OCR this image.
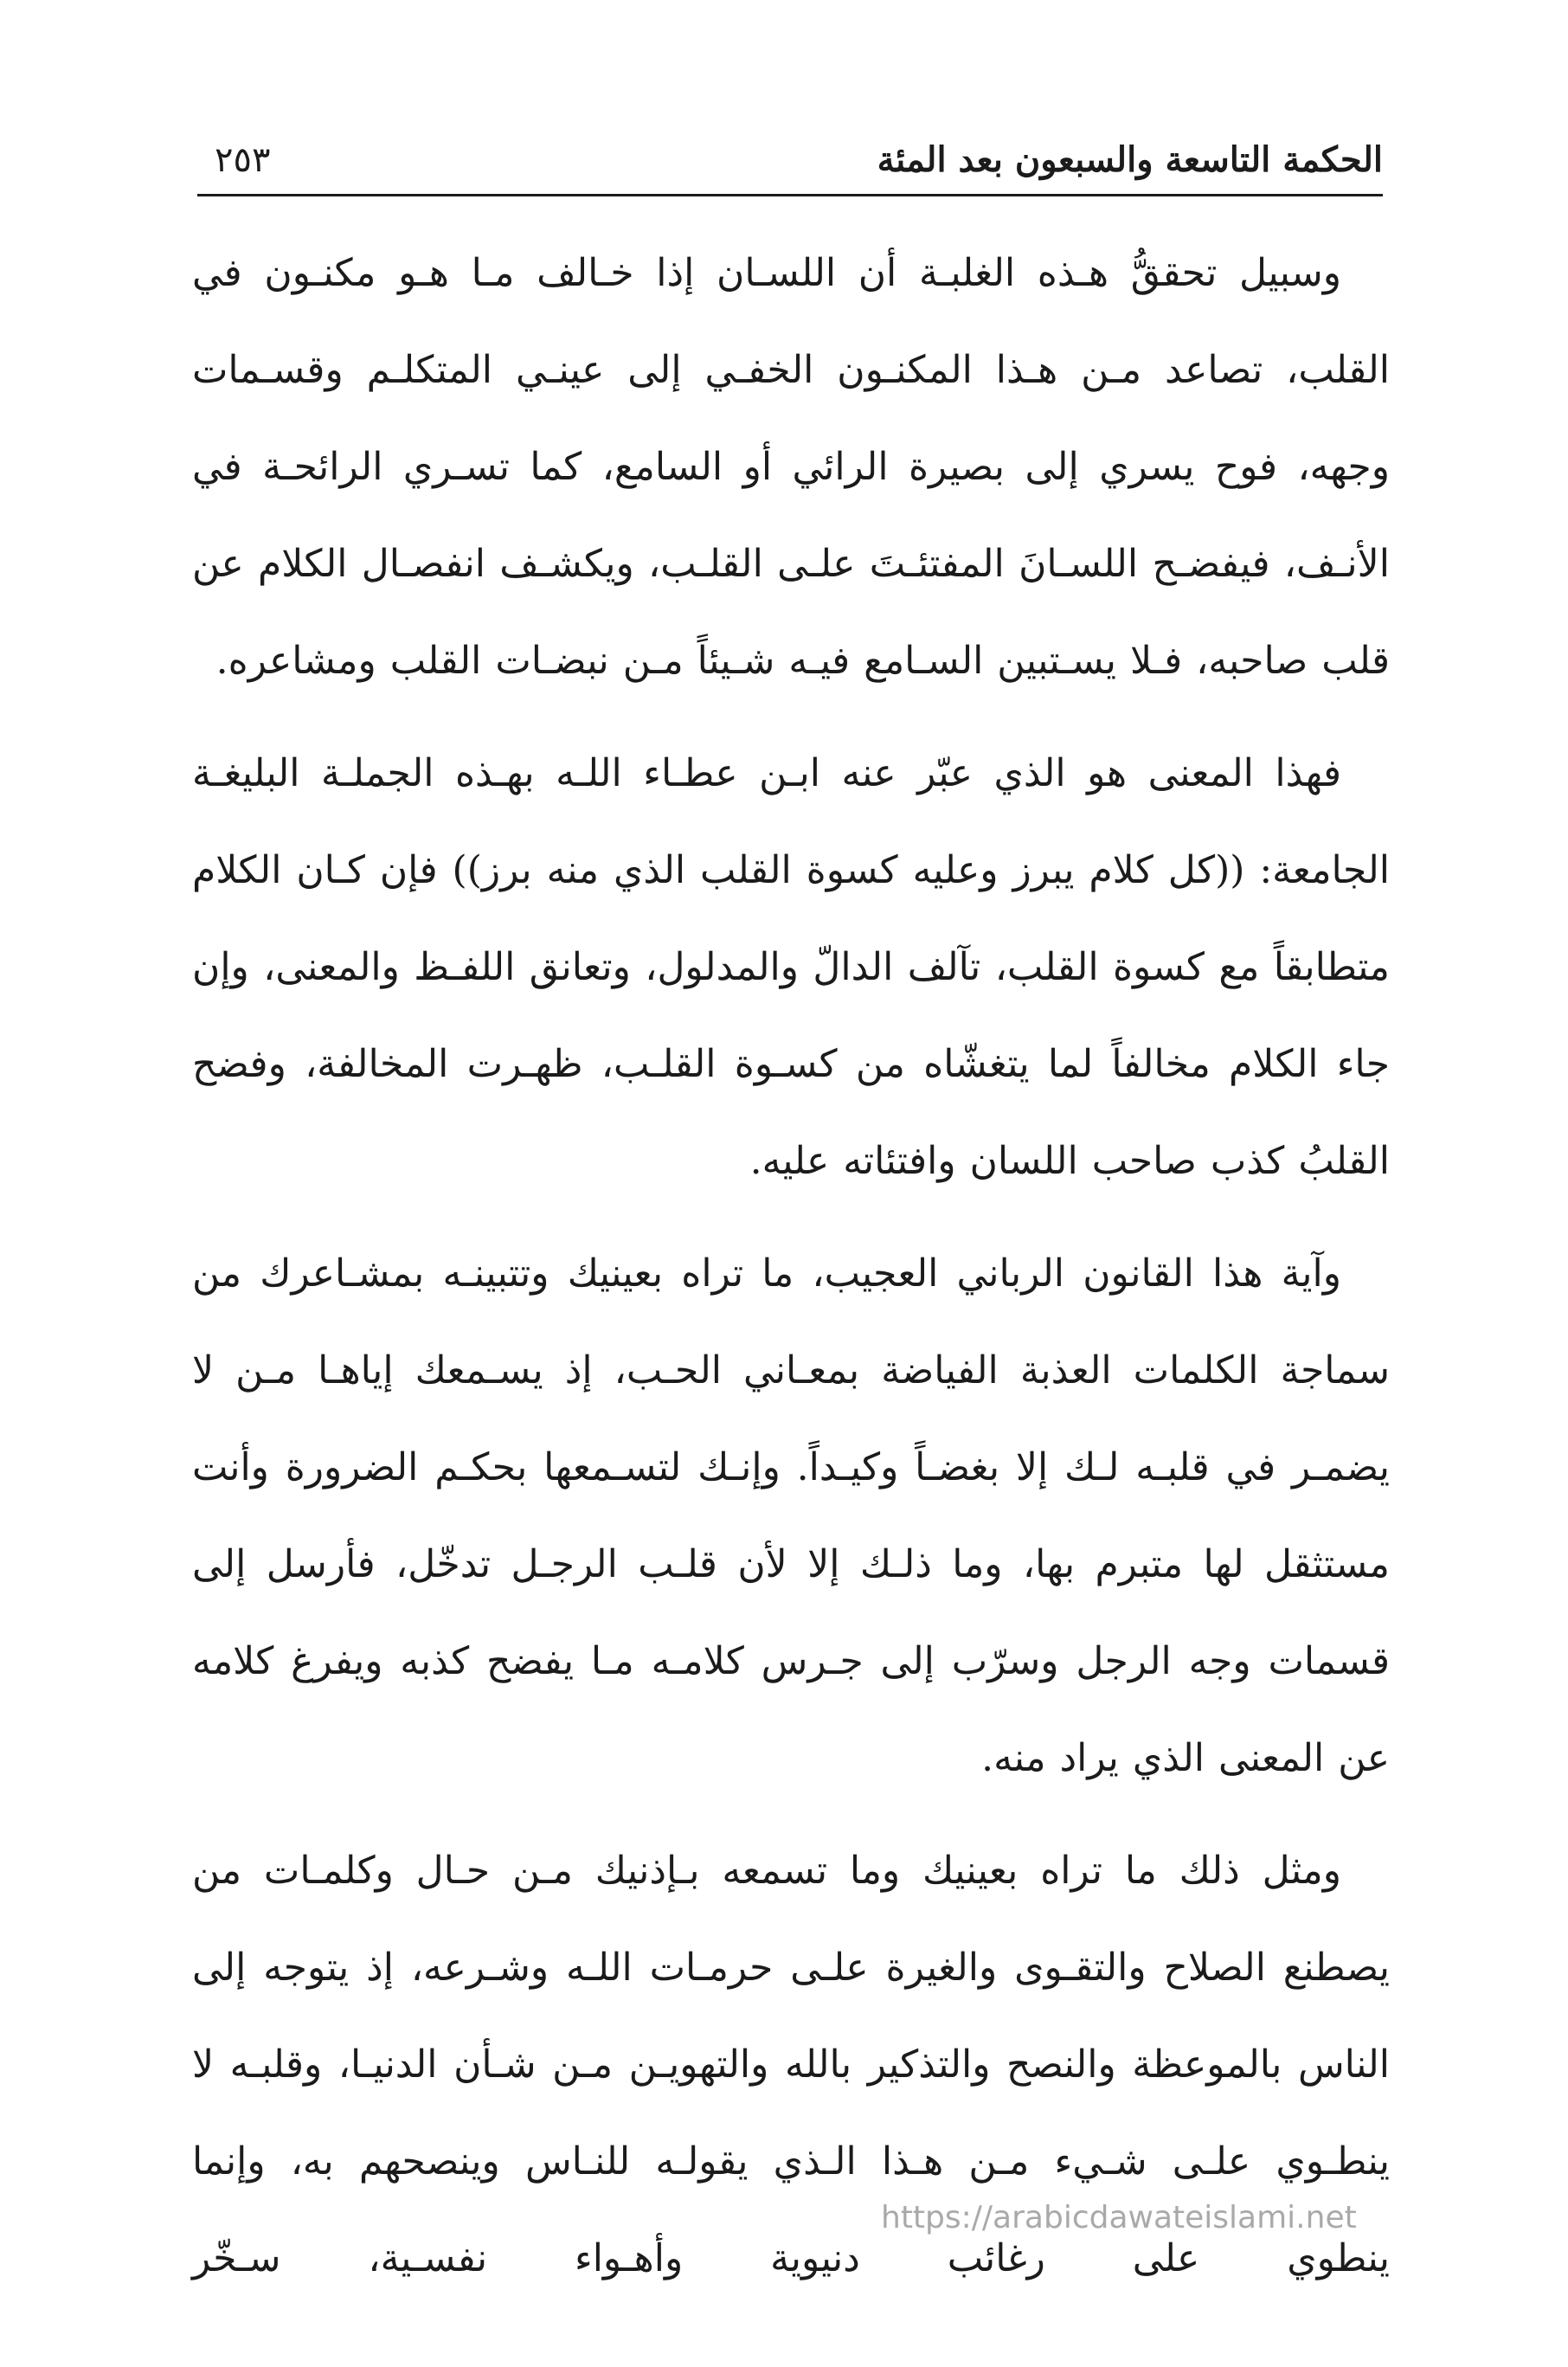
الحكمة التاسعة والسبعون بعد المئة
٢٥٣

وسبيل تحققُّ هـذه الغلبـة أن اللسـان إذا خـالف مـا هـو مكنـون في القلب، تصاعد مـن هـذا المكنـون الخفـي إلى عينـي المتكلـم وقسـمات وجهه، فوح يسري إلى بصيرة الرائي أو السامع، كما تسـري الرائحـة في الأنـف، فيفضـح اللسـانَ المفتئـتَ علـى القلـب، ويكشـف انفصـال الكلام عن قلب صاحبه، فـلا يسـتبين السـامع فيـه شـيئاً مـن نبضـات القلب ومشاعره.

فهذا المعنى هو الذي عبّر عنه ابـن عطـاء اللـه بهـذه الجملـة البليغـة الجامعة: ((كل كلام يبرز وعليه كسوة القلب الذي منه برز)) فإن كـان الكلام متطابقاً مع كسوة القلب، تآلف الدالّ والمدلول، وتعانق اللفـظ والمعنى، وإن جاء الكلام مخالفاً لما يتغشّاه من كسـوة القلـب، ظهـرت المخالفة، وفضح القلبُ كذب صاحب اللسان وافتئاته عليه.

وآية هذا القانون الرباني العجيب، ما تراه بعينيك وتتبينـه بمشـاعرك من سماجة الكلمات العذبة الفياضة بمعـاني الحـب، إذ يسـمعك إياهـا مـن لا يضمـر في قلبـه لـك إلا بغضـاً وكيـداً. وإنـك لتسـمعها بحكـم الضرورة وأنت مستثقل لها متبرم بها، وما ذلـك إلا لأن قلـب الرجـل تدخّل، فأرسل إلى قسمات وجه الرجل وسرّب إلى جـرس كلامـه مـا يفضح كذبه ويفرغ كلامه عن المعنى الذي يراد منه.

ومثل ذلك ما تراه بعينيك وما تسمعه بـإذنيك مـن حـال وكلمـات من يصطنع الصلاح والتقـوى والغيرة علـى حرمـات اللـه وشـرعه، إذ يتوجه إلى الناس بالموعظة والنصح والتذكير بالله والتهويـن مـن شـأن الدنيـا، وقلبـه لا ينطـوي علـى شـيء مـن هـذا الـذي يقولـه للنـاس وينصحهم به، وإنما ينطوي على رغائب دنيوية وأهـواء نفسـية، سـخّر

https://arabicdawateislami.net
